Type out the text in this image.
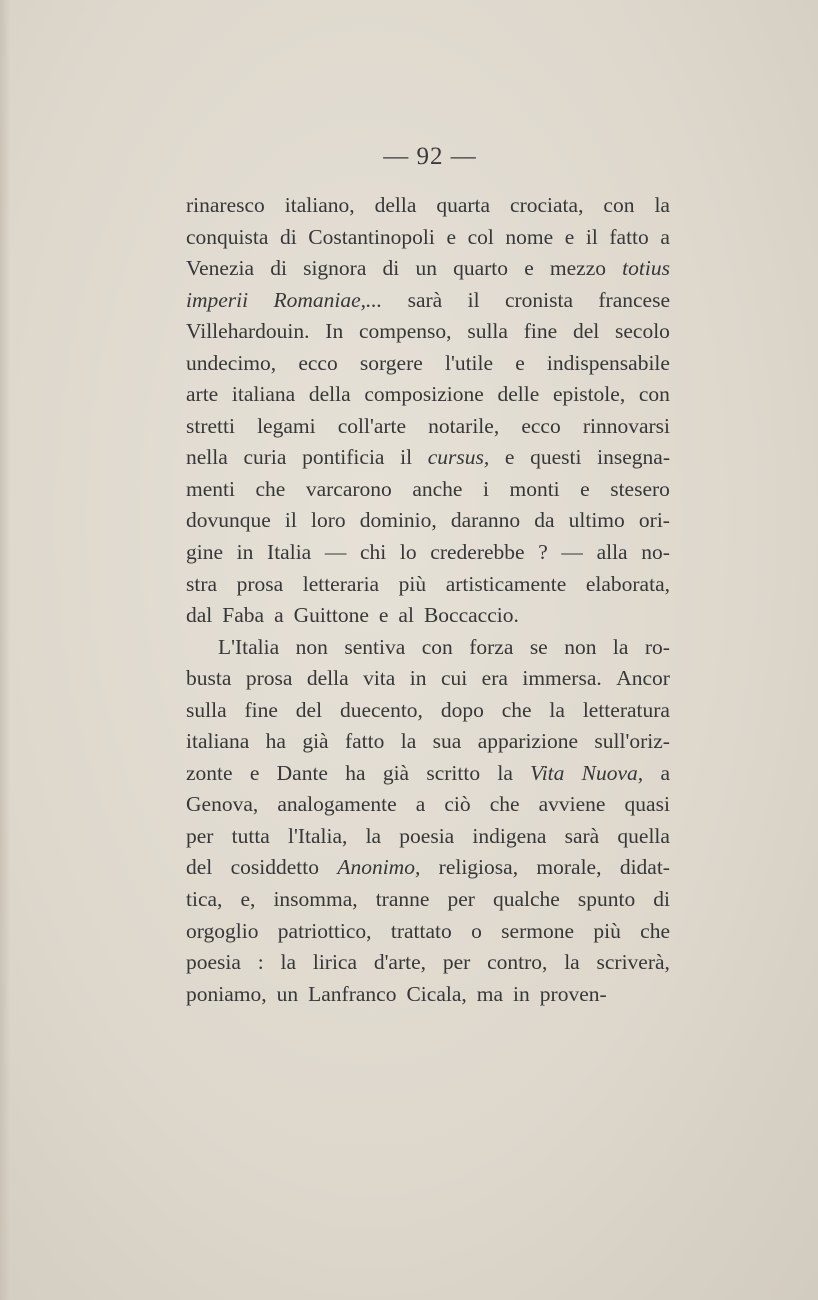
— 92 —
rinaresco italiano, della quarta crociata, con la
conquista di Costantinopoli e col nome e il fatto a
Venezia di signora di un quarto e mezzo totius
imperii Romaniae,... sarà il cronista francese
Villehardouin. In compenso, sulla fine del secolo
undecimo, ecco sorgere l'utile e indispensabile
arte italiana della composizione delle epistole, con
stretti legami coll'arte notarile, ecco rinnovarsi
nella curia pontificia il cursus, e questi insegna-
menti che varcarono anche i monti e stesero
dovunque il loro dominio, daranno da ultimo ori-
gine in Italia — chi lo crederebbe ? — alla no-
stra prosa letteraria più artisticamente elaborata,
dal Faba a Guittone e al Boccaccio.
L'Italia non sentiva con forza se non la ro-
busta prosa della vita in cui era immersa. Ancor
sulla fine del duecento, dopo che la letteratura
italiana ha già fatto la sua apparizione sull'oriz-
zonte e Dante ha già scritto la Vita Nuova, a
Genova, analogamente a ciò che avviene quasi
per tutta l'Italia, la poesia indigena sarà quella
del cosiddetto Anonimo, religiosa, morale, didat-
tica, e, insomma, tranne per qualche spunto di
orgoglio patriottico, trattato o sermone più che
poesia : la lirica d'arte, per contro, la scriverà,
poniamo, un Lanfranco Cicala, ma in proven-
